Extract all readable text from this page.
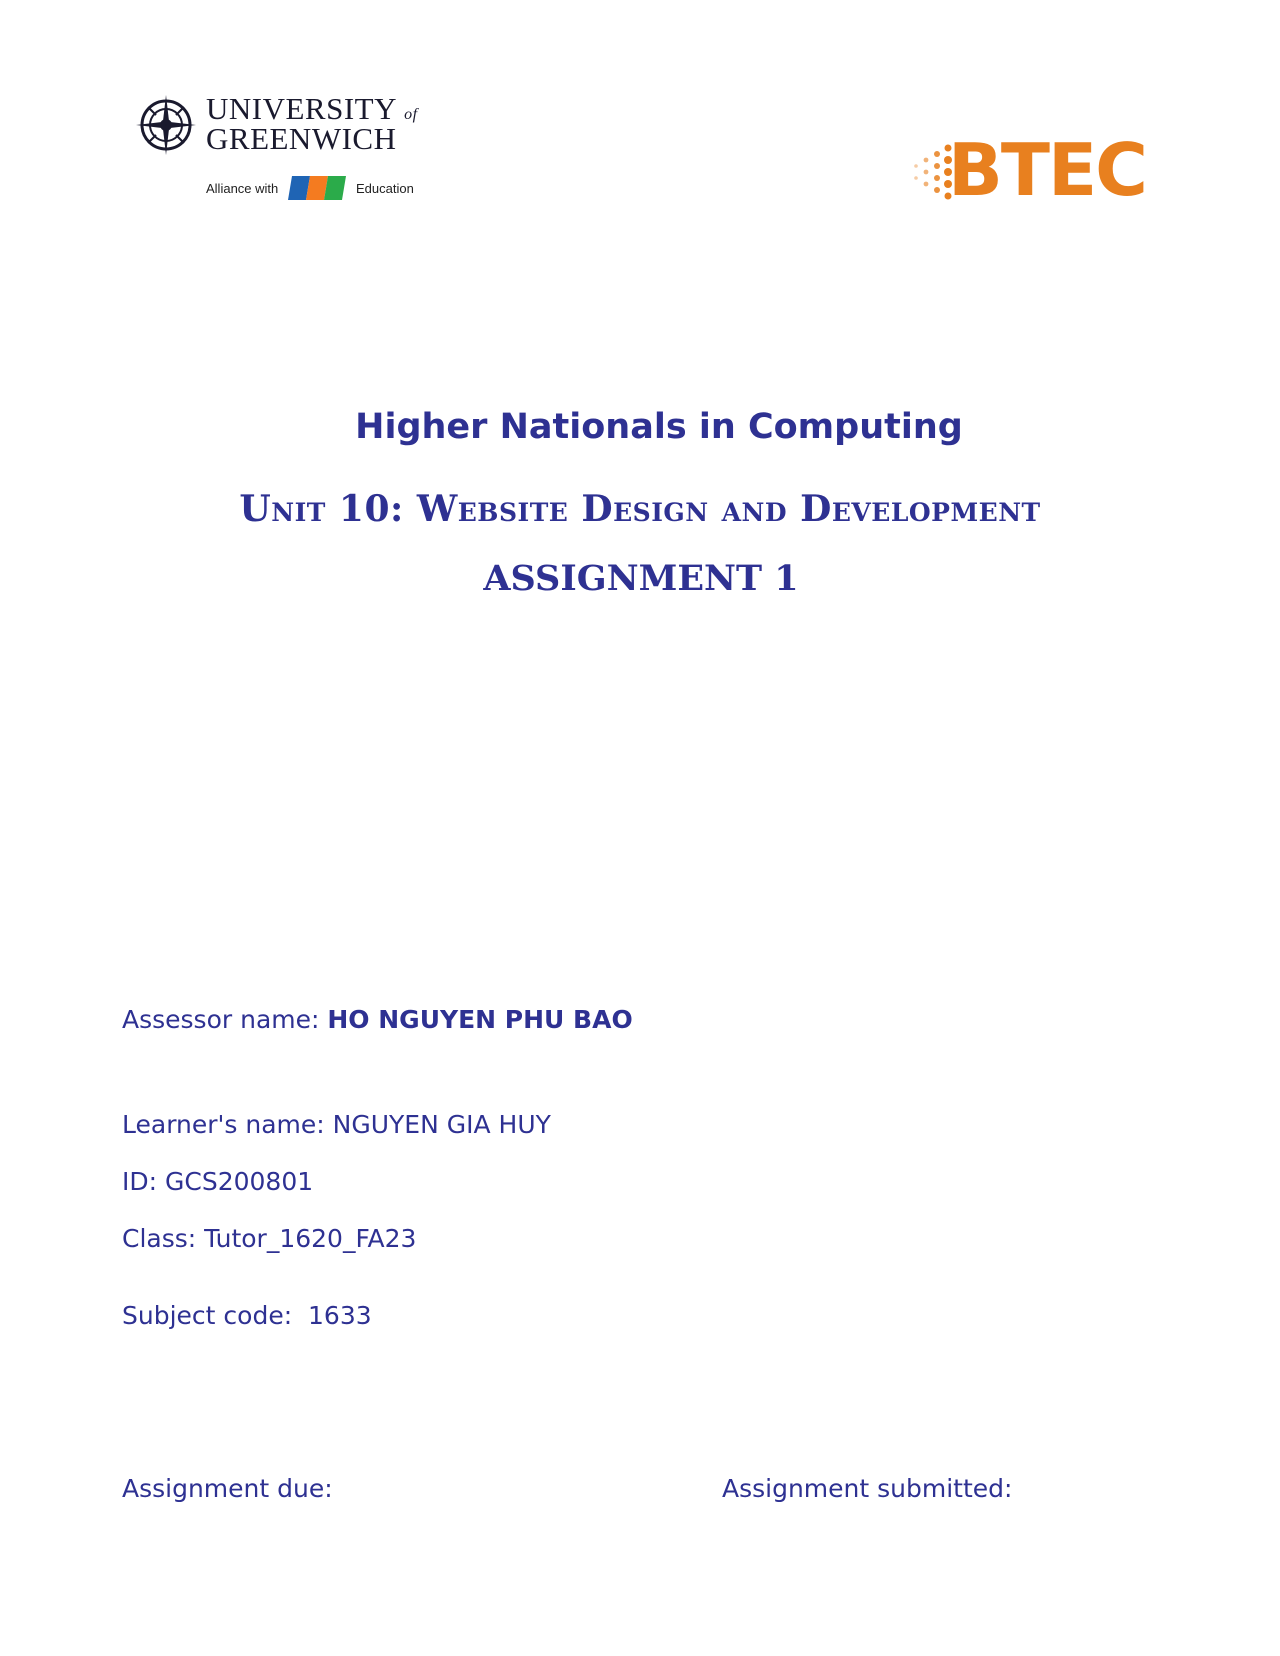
UNIVERSITY of
GREENWICH
Alliance with	Education	BTEC
Higher Nationals in Computing
Unit 10: Website Design and Development
ASSIGNMENT 1
Assessor name: HO NGUYEN PHU BAO
Learner's name: NGUYEN GIA HUY
ID: GCS200801
Class: Tutor_1620_FA23
Subject code:  1633
Assignment due:	Assignment submitted:
